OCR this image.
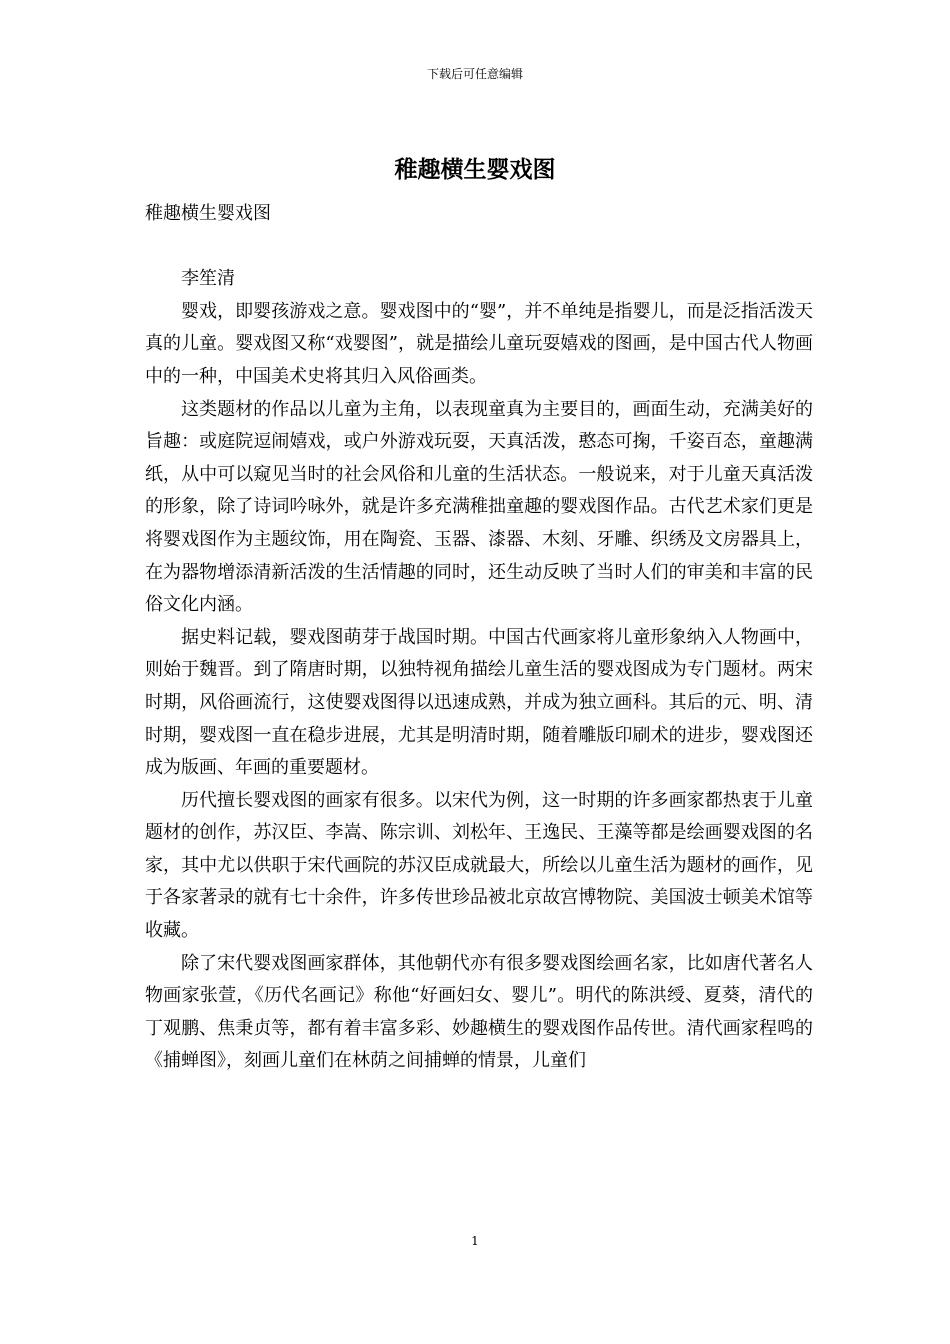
下载后可任意编辑
稚趣横生婴戏图

稚趣横生婴戏图

李笙清

婴戏，即婴孩游戏之意。婴戏图中的“婴”，并不单纯是指婴儿，而是泛指活泼天真的儿童。婴戏图又称“戏婴图”，就是描绘儿童玩耍嬉戏的图画，是中国古代人物画中的一种，中国美术史将其归入风俗画类。

这类题材的作品以儿童为主角，以表现童真为主要目的，画面生动，充满美好的旨趣：或庭院逗闹嬉戏，或户外游戏玩耍，天真活泼，憨态可掬，千姿百态，童趣满纸，从中可以窥见当时的社会风俗和儿童的生活状态。一般说来，对于儿童天真活泼的形象，除了诗词吟咏外，就是许多充满稚拙童趣的婴戏图作品。古代艺术家们更是将婴戏图作为主题纹饰，用在陶瓷、玉器、漆器、木刻、牙雕、织绣及文房器具上，在为器物增添清新活泼的生活情趣的同时，还生动反映了当时人们的审美和丰富的民俗文化内涵。

据史料记载，婴戏图萌芽于战国时期。中国古代画家将儿童形象纳入人物画中，则始于魏晋。到了隋唐时期，以独特视角描绘儿童生活的婴戏图成为专门题材。两宋时期，风俗画流行，这使婴戏图得以迅速成熟，并成为独立画科。其后的元、明、清时期，婴戏图一直在稳步进展，尤其是明清时期，随着雕版印刷术的进步，婴戏图还成为版画、年画的重要题材。

历代擅长婴戏图的画家有很多。以宋代为例，这一时期的许多画家都热衷于儿童题材的创作，苏汉臣、李嵩、陈宗训、刘松年、王逸民、王藻等都是绘画婴戏图的名家，其中尤以供职于宋代画院的苏汉臣成就最大，所绘以儿童生活为题材的画作，见于各家著录的就有七十余件，许多传世珍品被北京故宫博物院、美国波士顿美术馆等收藏。

除了宋代婴戏图画家群体，其他朝代亦有很多婴戏图绘画名家，比如唐代著名人物画家张萱，《历代名画记》称他“好画妇女、婴儿”。明代的陈洪绶、夏葵，清代的丁观鹏、焦秉贞等，都有着丰富多彩、妙趣横生的婴戏图作品传世。清代画家程鸣的《捕蝉图》，刻画儿童们在林荫之间捕蝉的情景，儿童们

1
